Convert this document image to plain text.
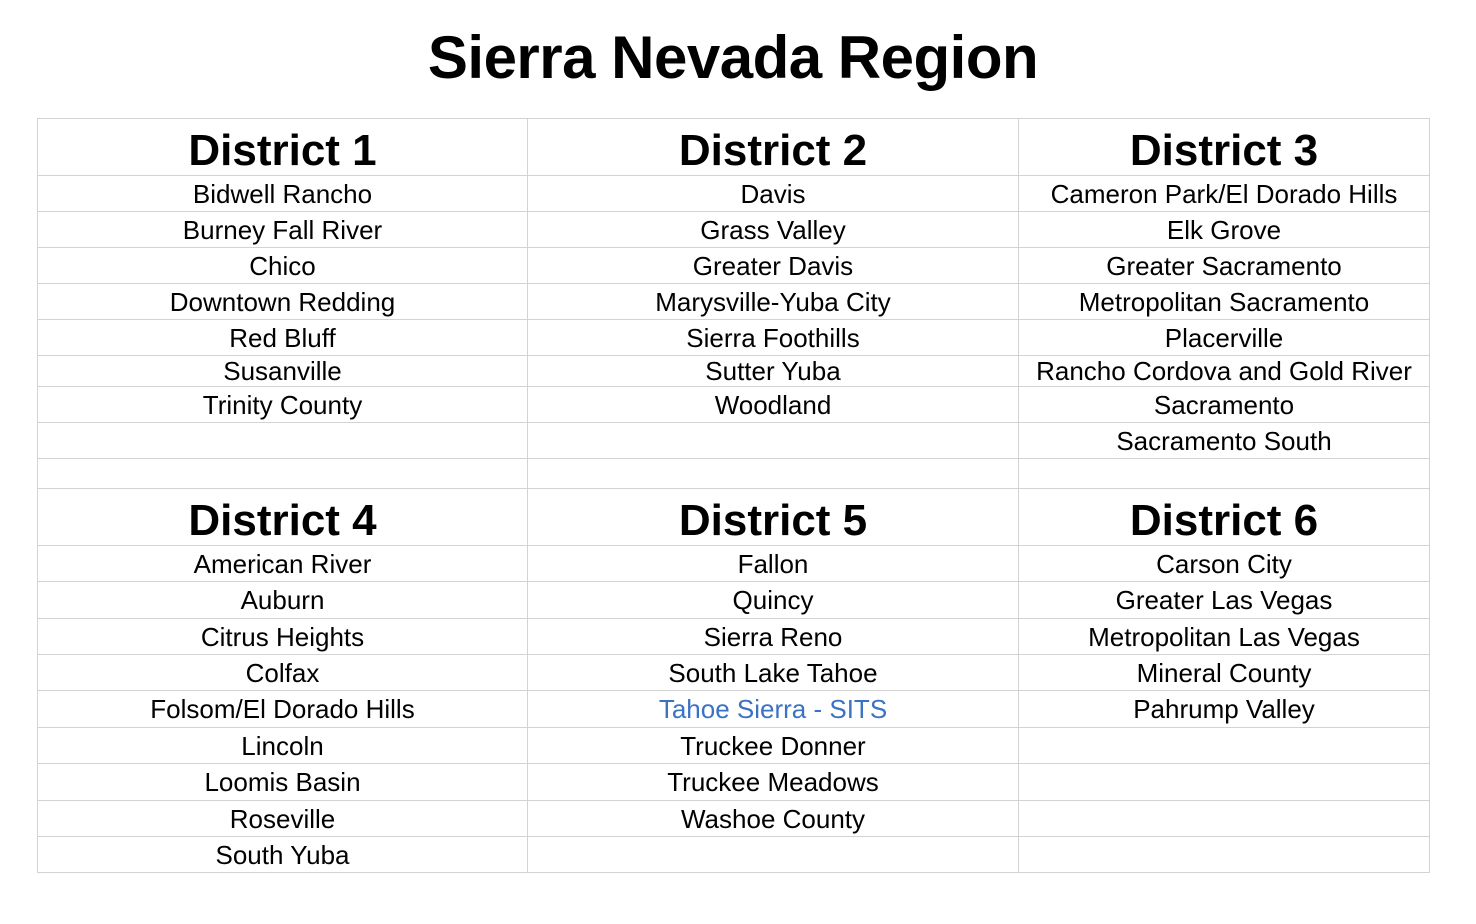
Sierra Nevada Region
District 1	District 2	District 3
Bidwell Rancho	Davis	Cameron Park/El Dorado Hills
Burney Fall River	Grass Valley	Elk Grove
Chico	Greater Davis	Greater Sacramento
Downtown Redding	Marysville-Yuba City	Metropolitan Sacramento
Red Bluff	Sierra Foothills	Placerville
Susanville	Sutter Yuba	Rancho Cordova and Gold River
Trinity County	Woodland	Sacramento
		Sacramento South

District 4	District 5	District 6
American River	Fallon	Carson City
Auburn	Quincy	Greater Las Vegas
Citrus Heights	Sierra Reno	Metropolitan Las Vegas
Colfax	South Lake Tahoe	Mineral County
Folsom/El Dorado Hills	Tahoe Sierra - SITS	Pahrump Valley
Lincoln	Truckee Donner	
Loomis Basin	Truckee Meadows	
Roseville	Washoe County	
South Yuba		
